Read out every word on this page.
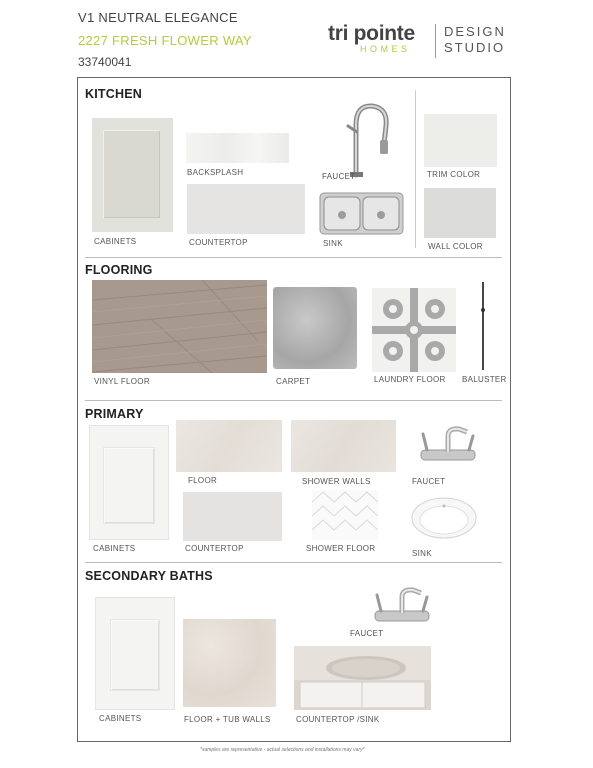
V1 NEUTRAL ELEGANCE
2227 FRESH FLOWER WAY
33740041
tri pointe
HOMES
DESIGN
STUDIO
KITCHEN
CABINETS
BACKSPLASH
COUNTERTOP
FAUCET
SINK
TRIM COLOR
WALL COLOR
FLOORING
VINYL FLOOR	CARPET	LAUNDRY FLOOR BALUSTER
PRIMARY
CABINETS
FLOOR	SHOWER WALLS	FAUCET
COUNTERTOP	SHOWER FLOOR
SINK
SECONDARY BATHS
CABINETS	FLOOR + TUB WALLS
FAUCET
COUNTERTOP /SINK
*samples are representative - actual selections and installations may vary*
